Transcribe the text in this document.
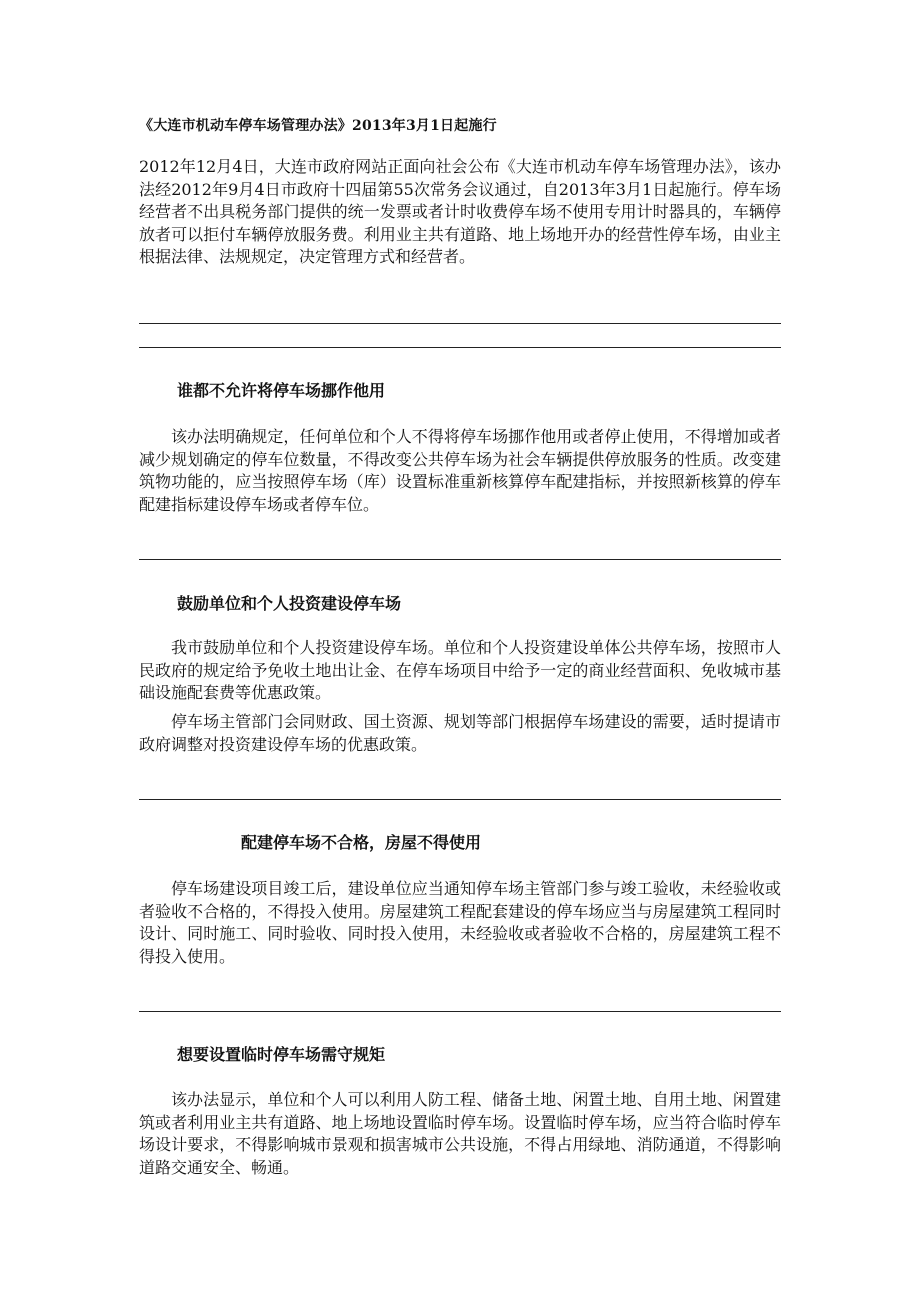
《大连市机动车停车场管理办法》2013年3月1日起施行

2012年12月4日，大连市政府网站正面向社会公布《大连市机动车停车场管理办法》，该办法经2012年9月4日市政府十四届第55次常务会议通过，自2013年3月1日起施行。停车场经营者不出具税务部门提供的统一发票或者计时收费停车场不使用专用计时器具的，车辆停放者可以拒付车辆停放服务费。利用业主共有道路、地上场地开办的经营性停车场，由业主根据法律、法规规定，决定管理方式和经营者。

谁都不允许将停车场挪作他用

该办法明确规定，任何单位和个人不得将停车场挪作他用或者停止使用，不得增加或者减少规划确定的停车位数量，不得改变公共停车场为社会车辆提供停放服务的性质。改变建筑物功能的，应当按照停车场（库）设置标准重新核算停车配建指标，并按照新核算的停车配建指标建设停车场或者停车位。

鼓励单位和个人投资建设停车场

我市鼓励单位和个人投资建设停车场。单位和个人投资建设单体公共停车场，按照市人民政府的规定给予免收土地出让金、在停车场项目中给予一定的商业经营面积、免收城市基础设施配套费等优惠政策。

停车场主管部门会同财政、国土资源、规划等部门根据停车场建设的需要，适时提请市政府调整对投资建设停车场的优惠政策。

配建停车场不合格，房屋不得使用

停车场建设项目竣工后，建设单位应当通知停车场主管部门参与竣工验收，未经验收或者验收不合格的，不得投入使用。房屋建筑工程配套建设的停车场应当与房屋建筑工程同时设计、同时施工、同时验收、同时投入使用，未经验收或者验收不合格的，房屋建筑工程不得投入使用。

想要设置临时停车场需守规矩

该办法显示，单位和个人可以利用人防工程、储备土地、闲置土地、自用土地、闲置建筑或者利用业主共有道路、地上场地设置临时停车场。设置临时停车场，应当符合临时停车场设计要求，不得影响城市景观和损害城市公共设施，不得占用绿地、消防通道，不得影响道路交通安全、畅通。
